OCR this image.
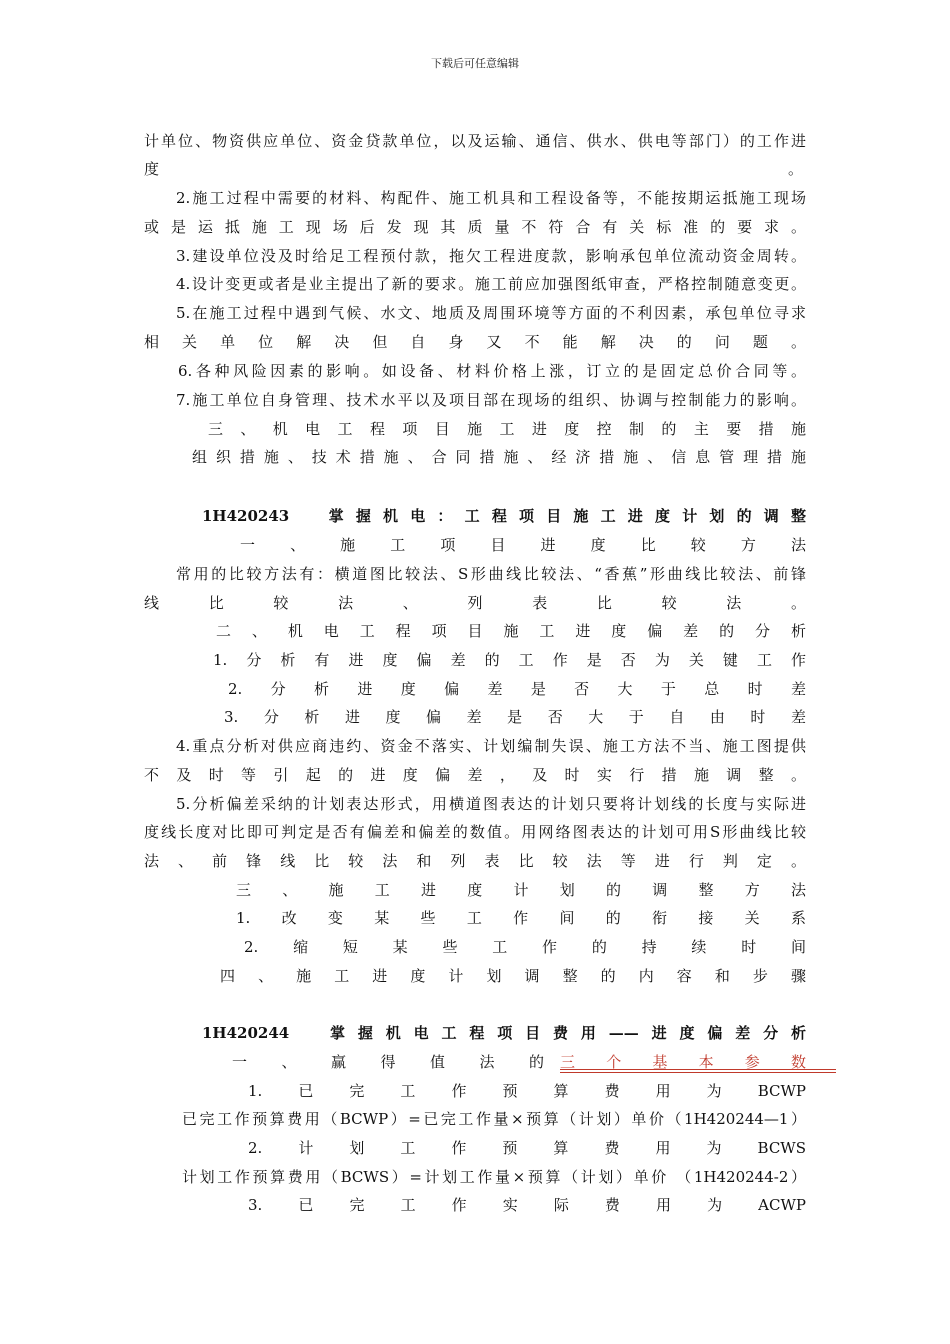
下载后可任意编辑
计单位、物资供应单位、资金贷款单位，以及运输、通信、供水、供电等部门）的工作进
度	。
2.施工过程中需要的材料、构配件、施工机具和工程设备等，不能按期运抵施工现场
或是运抵施工现场后发现其质量不符合有关标准的要求。
3.建设单位没及时给足工程预付款，拖欠工程进度款，影响承包单位流动资金周转。
4.设计变更或者是业主提出了新的要求。施工前应加强图纸审查，严格控制随意变更。
5.在施工过程中遇到气候、水文、地质及周围环境等方面的不利因素，承包单位寻求
相关单位解决但自身又不能解决的问题。
6.各种风险因素的影响。如设备、材料价格上涨，订立的是固定总价合同等。
7.施工单位自身管理、技术水平以及项目部在现场的组织、协调与控制能力的影响。
三、机电工程项目施工进度控制的主要措施
组织措施、技术措施、合同措施、经济措施、信息管理措施
1H420243　掌握机电：工程项目施工进度计划的调整
一、施工项目进度比较方法
常用的比较方法有：横道图比较法、S形曲线比较法、“香蕉”形曲线比较法、前锋
线比较法、列表比较法。
二、机电工程项目施工进度偏差的分析
1.分析有进度偏差的工作是否为关键工作
2.分析进度偏差是否大于总时差
3.分析进度偏差是否大于自由时差
4.重点分析对供应商违约、资金不落实、计划编制失误、施工方法不当、施工图提供
不及时等引起的进度偏差，及时实行措施调整。
5.分析偏差采纳的计划表达形式，用横道图表达的计划只要将计划线的长度与实际进
度线长度对比即可判定是否有偏差和偏差的数值。用网络图表达的计划可用S形曲线比较
法、前锋线比较法和列表比较法等进行判定。
三、施工进度计划的调整方法
1.改变某些工作间的衔接关系
2.缩短某些工作的持续时间
四、施工进度计划调整的内容和步骤
1H420244　掌握机电工程项目费用——进度偏差分析
一、赢得值法的 三个基本参数
1.已完工作预算费用为BCWP
已完工作预算费用（BCWP）=已完工作量×预算（计划）单价（1H420244—1）
2.计划工作预算费用为BCWS
计划工作预算费用（BCWS）=计划工作量×预算（计划）单价 （1H420244-2）
3.已完工作实际费用为ACWP
